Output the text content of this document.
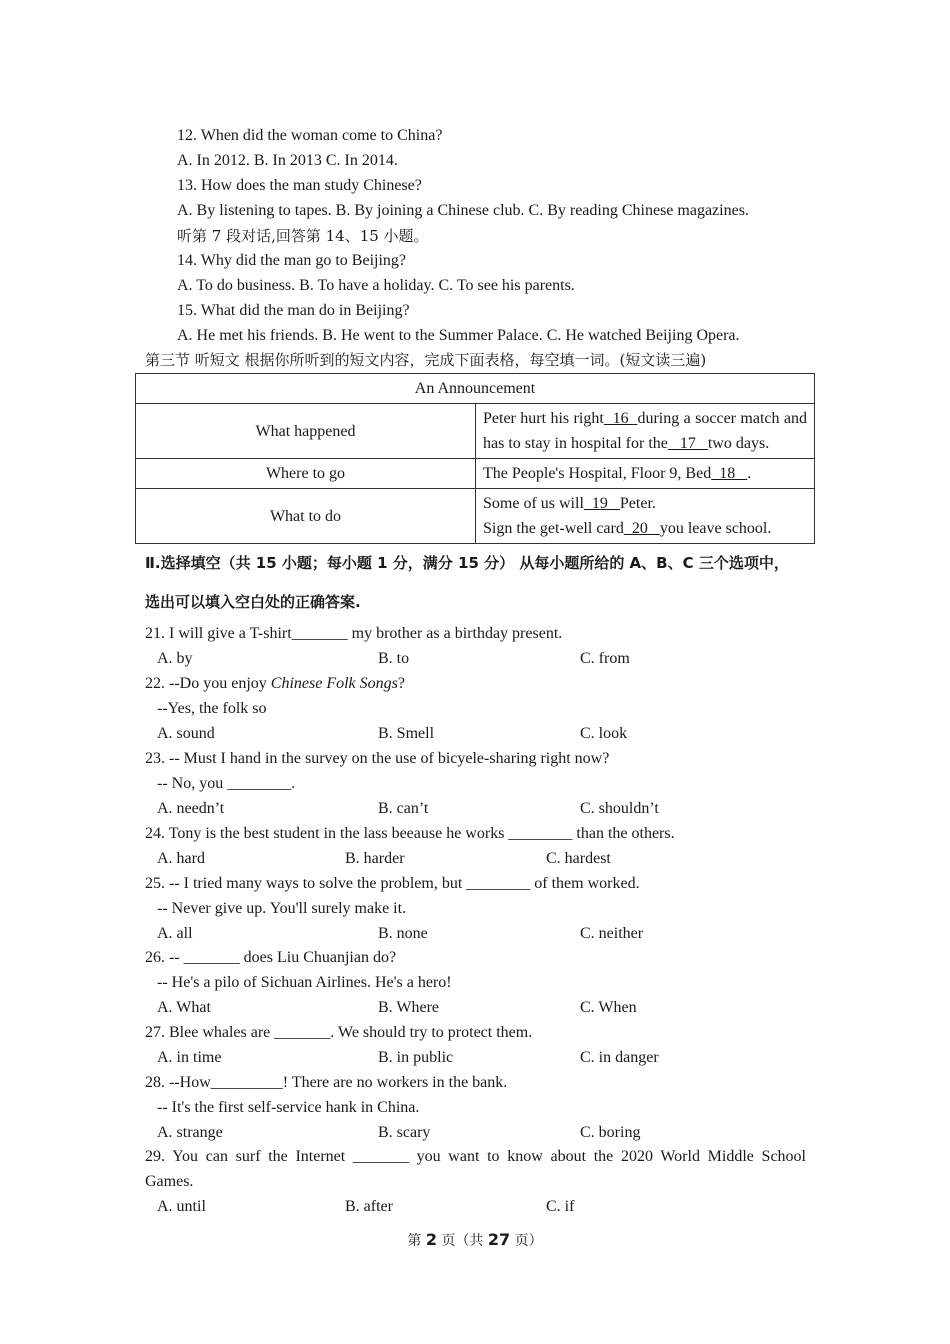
12. When did the woman come to China?
A. In 2012. B. In 2013 C. In 2014.
13. How does the man study Chinese?
A. By listening to tapes. B. By joining a Chinese club. C. By reading Chinese magazines.
听第 7 段对话,回答第 14、15 小题。
14. Why did the man go to Beijing?
A. To do business. B. To have a holiday. C. To see his parents.
15. What did the man do in Beijing?
A. He met his friends. B. He went to the Summer Palace. C. He watched Beijing Opera.
第三节 听短文 根据你所听到的短文内容，完成下面表格，每空填一词。(短文读三遍)
An Announcement	
What happened	Peter hurt his right  16  during a soccer match and has to stay in hospital for the   17   two days.
Where to go	The People's Hospital, Floor 9, Bed  18   .
What to do	Some of us will  19   Peter.
Sign the get-well card  20   you leave school.
Ⅱ.选择填空（共 15 小题；每小题 1 分，满分 15 分） 从每小题所给的 A、B、C 三个选项中，
选出可以填入空白处的正确答案.
21. I will give a T-shirt_______ my brother as a birthday present.
A. by	B. to	C. from
22. --Do you enjoy Chinese Folk Songs?
--Yes, the folk so
A. sound	B. Smell	C. look
23. -- Must I hand in the survey on the use of bicyele-sharing right now?
-- No, you ________.
A. needn’t	B. can’t	C. shouldn’t
24. Tony is the best student in the lass beeause he works ________ than the others.
A. hard	B. harder	C. hardest
25. -- I tried many ways to solve the problem, but ________ of them worked.
-- Never give up. You'll surely make it.
A. all	B. none	C. neither
26. -- _______ does Liu Chuanjian do?
-- He's a pilo of Sichuan Airlines. He's a hero!
A. What	B. Where	C. When
27. Blee whales are _______. We should try to protect them.
A. in time	B. in public	C. in danger
28. --How_________! There are no workers in the bank.
-- It's the first self-service hank in China.
A. strange	B. scary	C. boring
29. You can surf the Internet _______ you want to know about the 2020 World Middle School
Games.
A. until	B. after	C. if
第 2 页（共 27 页）
